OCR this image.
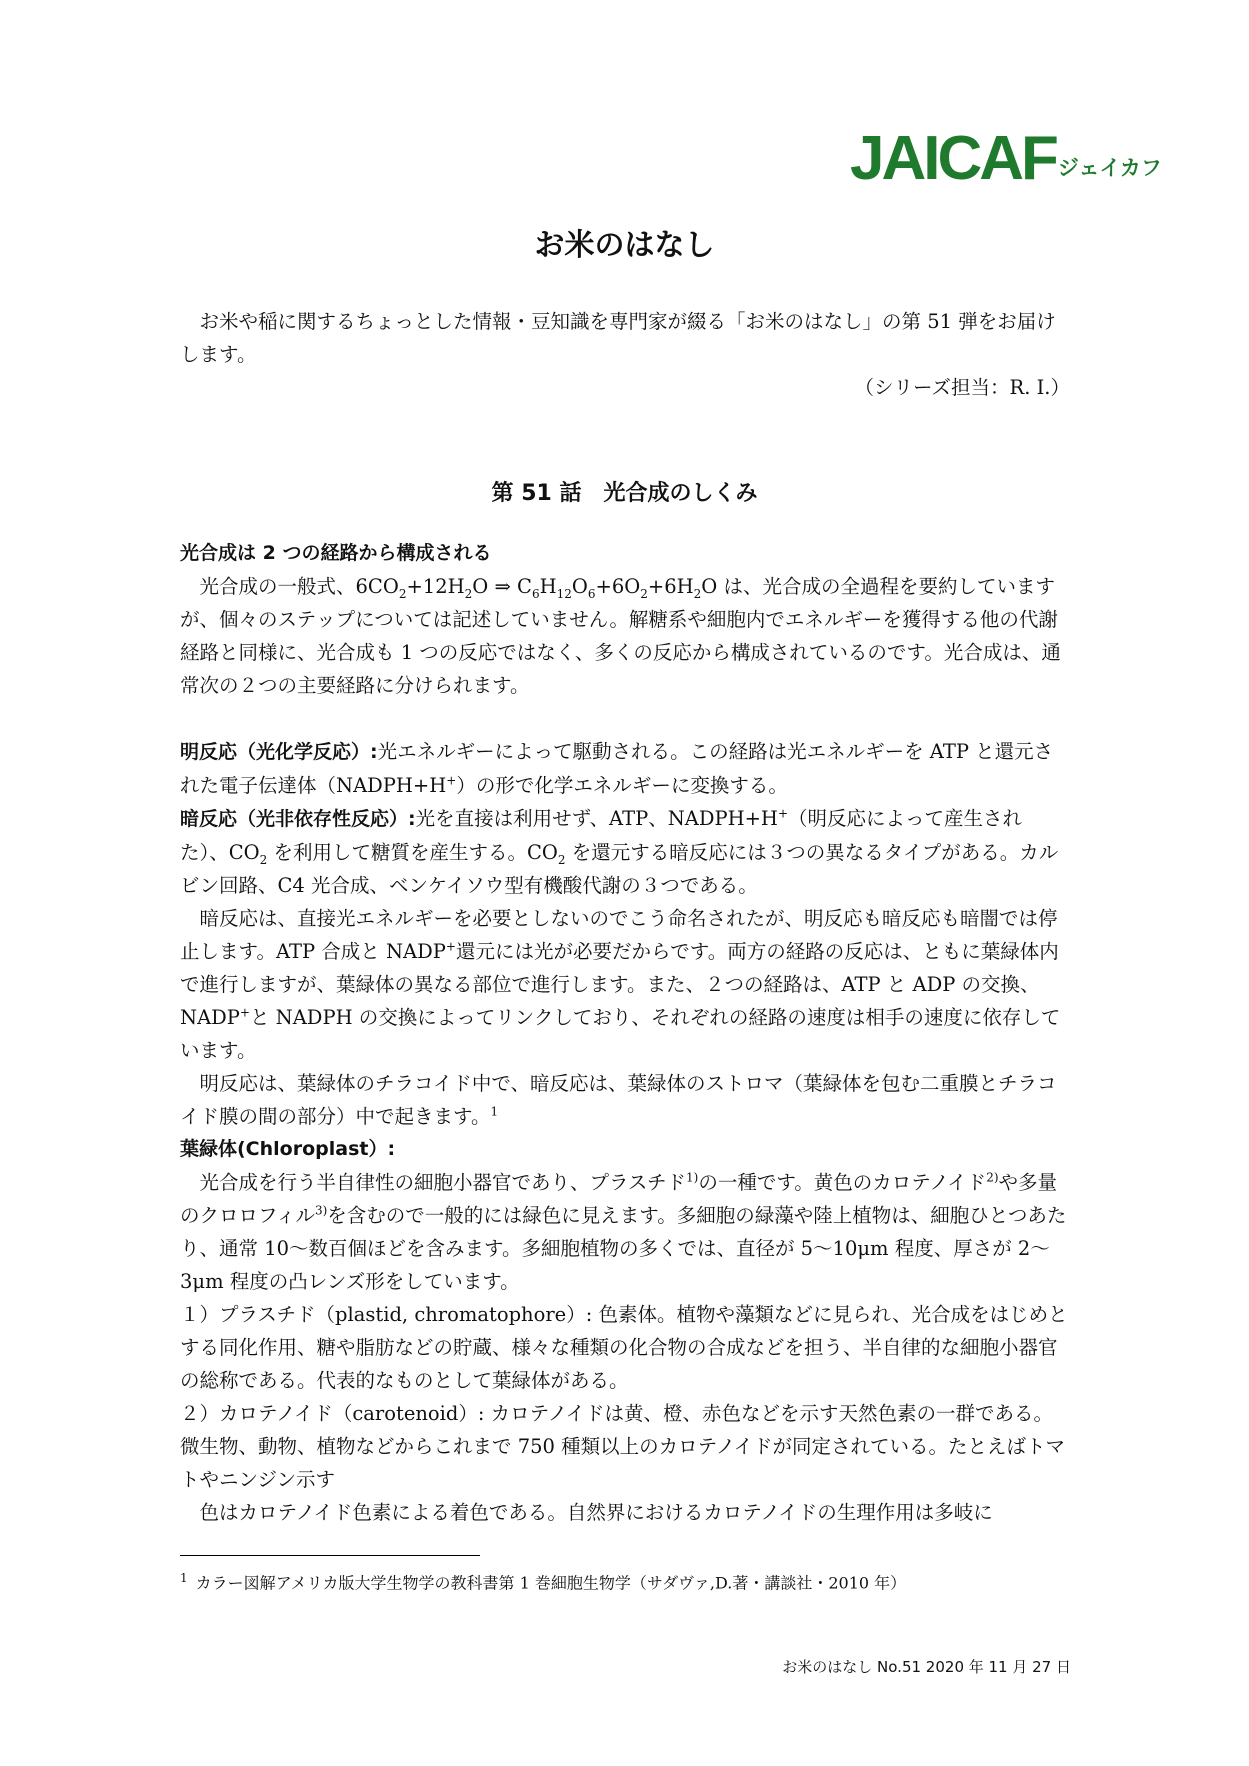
JAICAF ジェイカフ
お米のはなし

お米や稲に関するちょっとした情報・豆知識を専門家が綴る「お米のはなし」の第 51 弾をお届けします。

（シリーズ担当：R. I.）

第 51 話　光合成のしくみ

光合成は 2 つの経路から構成される

光合成の一般式、$6CO_2+12H_2O$ ⇒ $C_6H_{12}O_6+6O_2+6H_2O$ は、光合成の全過程を要約していますが、個々のステップについては記述していません。解糖系や細胞内でエネルギーを獲得する他の代謝経路と同様に、光合成も 1 つの反応ではなく、多くの反応から構成されているのです。光合成は、通常次の２つの主要経路に分けられます。

明反応（光化学反応）:光エネルギーによって駆動される。この経路は光エネルギーを ATP と還元された電子伝達体（NADPH+H+）の形で化学エネルギーに変換する。

暗反応（光非依存性反応）:光を直接は利用せず、ATP、NADPH+H+（明反応によって産生された）、$CO_2$ を利用して糖質を産生する。$CO_2$ を還元する暗反応には３つの異なるタイプがある。カルビン回路、C4 光合成、ベンケイソウ型有機酸代謝の３つである。

暗反応は、直接光エネルギーを必要としないのでこう命名されたが、明反応も暗反応も暗闇では停止します。ATP 合成と NADP+還元には光が必要だからです。両方の経路の反応は、ともに葉緑体内で進行しますが、葉緑体の異なる部位で進行します。また、２つの経路は、ATP と ADP の交換、NADP+と NADPH の交換によってリンクしており、それぞれの経路の速度は相手の速度に依存しています。

明反応は、葉緑体のチラコイド中で、暗反応は、葉緑体のストロマ（葉緑体を包む二重膜とチラコイド膜の間の部分）中で起きます。$^1$

葉緑体(Chloroplast）:

光合成を行う半自律性の細胞小器官であり、プラスチド$^{1)}$の一種です。黄色のカロテノイド$^{2)}$や多量のクロロフィル$^{3)}$を含むので一般的には緑色に見えます。多細胞の緑藻や陸上植物は、細胞ひとつあたり、通常 10～数百個ほどを含みます。多細胞植物の多くでは、直径が 5～10μm 程度、厚さが 2～3μm 程度の凸レンズ形をしています。

１）プラスチド（plastid, chromatophore）: 色素体。植物や藻類などに見られ、光合成をはじめとする同化作用、糖や脂肪などの貯蔵、様々な種類の化合物の合成などを担う、半自律的な細胞小器官の総称である。代表的なものとして葉緑体がある。

２）カロテノイド（carotenoid）: カロテノイドは黄、橙、赤色などを示す天然色素の一群である。微生物、動物、植物などからこれまで 750 種類以上のカロテノイドが同定されている。たとえばトマトやニンジン示す

色はカロテノイド色素による着色である。自然界におけるカロテノイドの生理作用は多岐に

$^1$ カラー図解アメリカ版大学生物学の教科書第 1 巻細胞生物学（サダヴァ,D.著・講談社・2010 年）
お米のはなし No.51 2020 年 11 月 27 日
